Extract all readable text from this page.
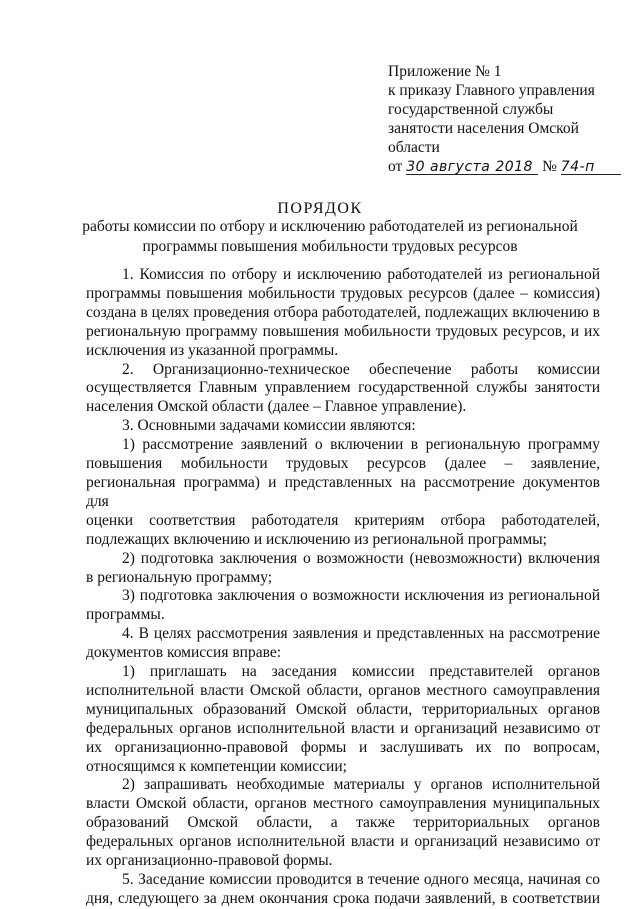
Приложение № 1
к приказу Главного управления
государственной службы
занятости населения Омской
области
от 30 августа 2018 № 74-п
ПОРЯДОК
работы комиссии по отбору и исключению работодателей из региональной
программы повышения мобильности трудовых ресурсов
1. Комиссия по отбору и исключению работодателей из региональной
программы повышения мобильности трудовых ресурсов (далее – комиссия)
создана в целях проведения отбора работодателей, подлежащих включению в
региональную программу повышения мобильности трудовых ресурсов, и их
исключения из указанной программы.
2. Организационно-техническое обеспечение работы комиссии
осуществляется Главным управлением государственной службы занятости
населения Омской области (далее – Главное управление).
3. Основными задачами комиссии являются:
1) рассмотрение заявлений о включении в региональную программу
повышения мобильности трудовых ресурсов (далее – заявление,
региональная программа) и представленных на рассмотрение документов для
оценки соответствия работодателя критериям отбора работодателей,
подлежащих включению и исключению из региональной программы;
2) подготовка заключения о возможности (невозможности) включения
в региональную программу;
3) подготовка заключения о возможности исключения из региональной
программы.
4. В целях рассмотрения заявления и представленных на рассмотрение
документов комиссия вправе:
1) приглашать на заседания комиссии представителей органов
исполнительной власти Омской области, органов местного самоуправления
муниципальных образований Омской области, территориальных органов
федеральных органов исполнительной власти и организаций независимо от
их организационно-правовой формы и заслушивать их по вопросам,
относящимся к компетенции комиссии;
2) запрашивать необходимые материалы у органов исполнительной
власти Омской области, органов местного самоуправления муниципальных
образований Омской области, а также территориальных органов
федеральных органов исполнительной власти и организаций независимо от
их организационно-правовой формы.
5. Заседание комиссии проводится в течение одного месяца, начиная со
дня, следующего за днем окончания срока подачи заявлений, в соответствии
